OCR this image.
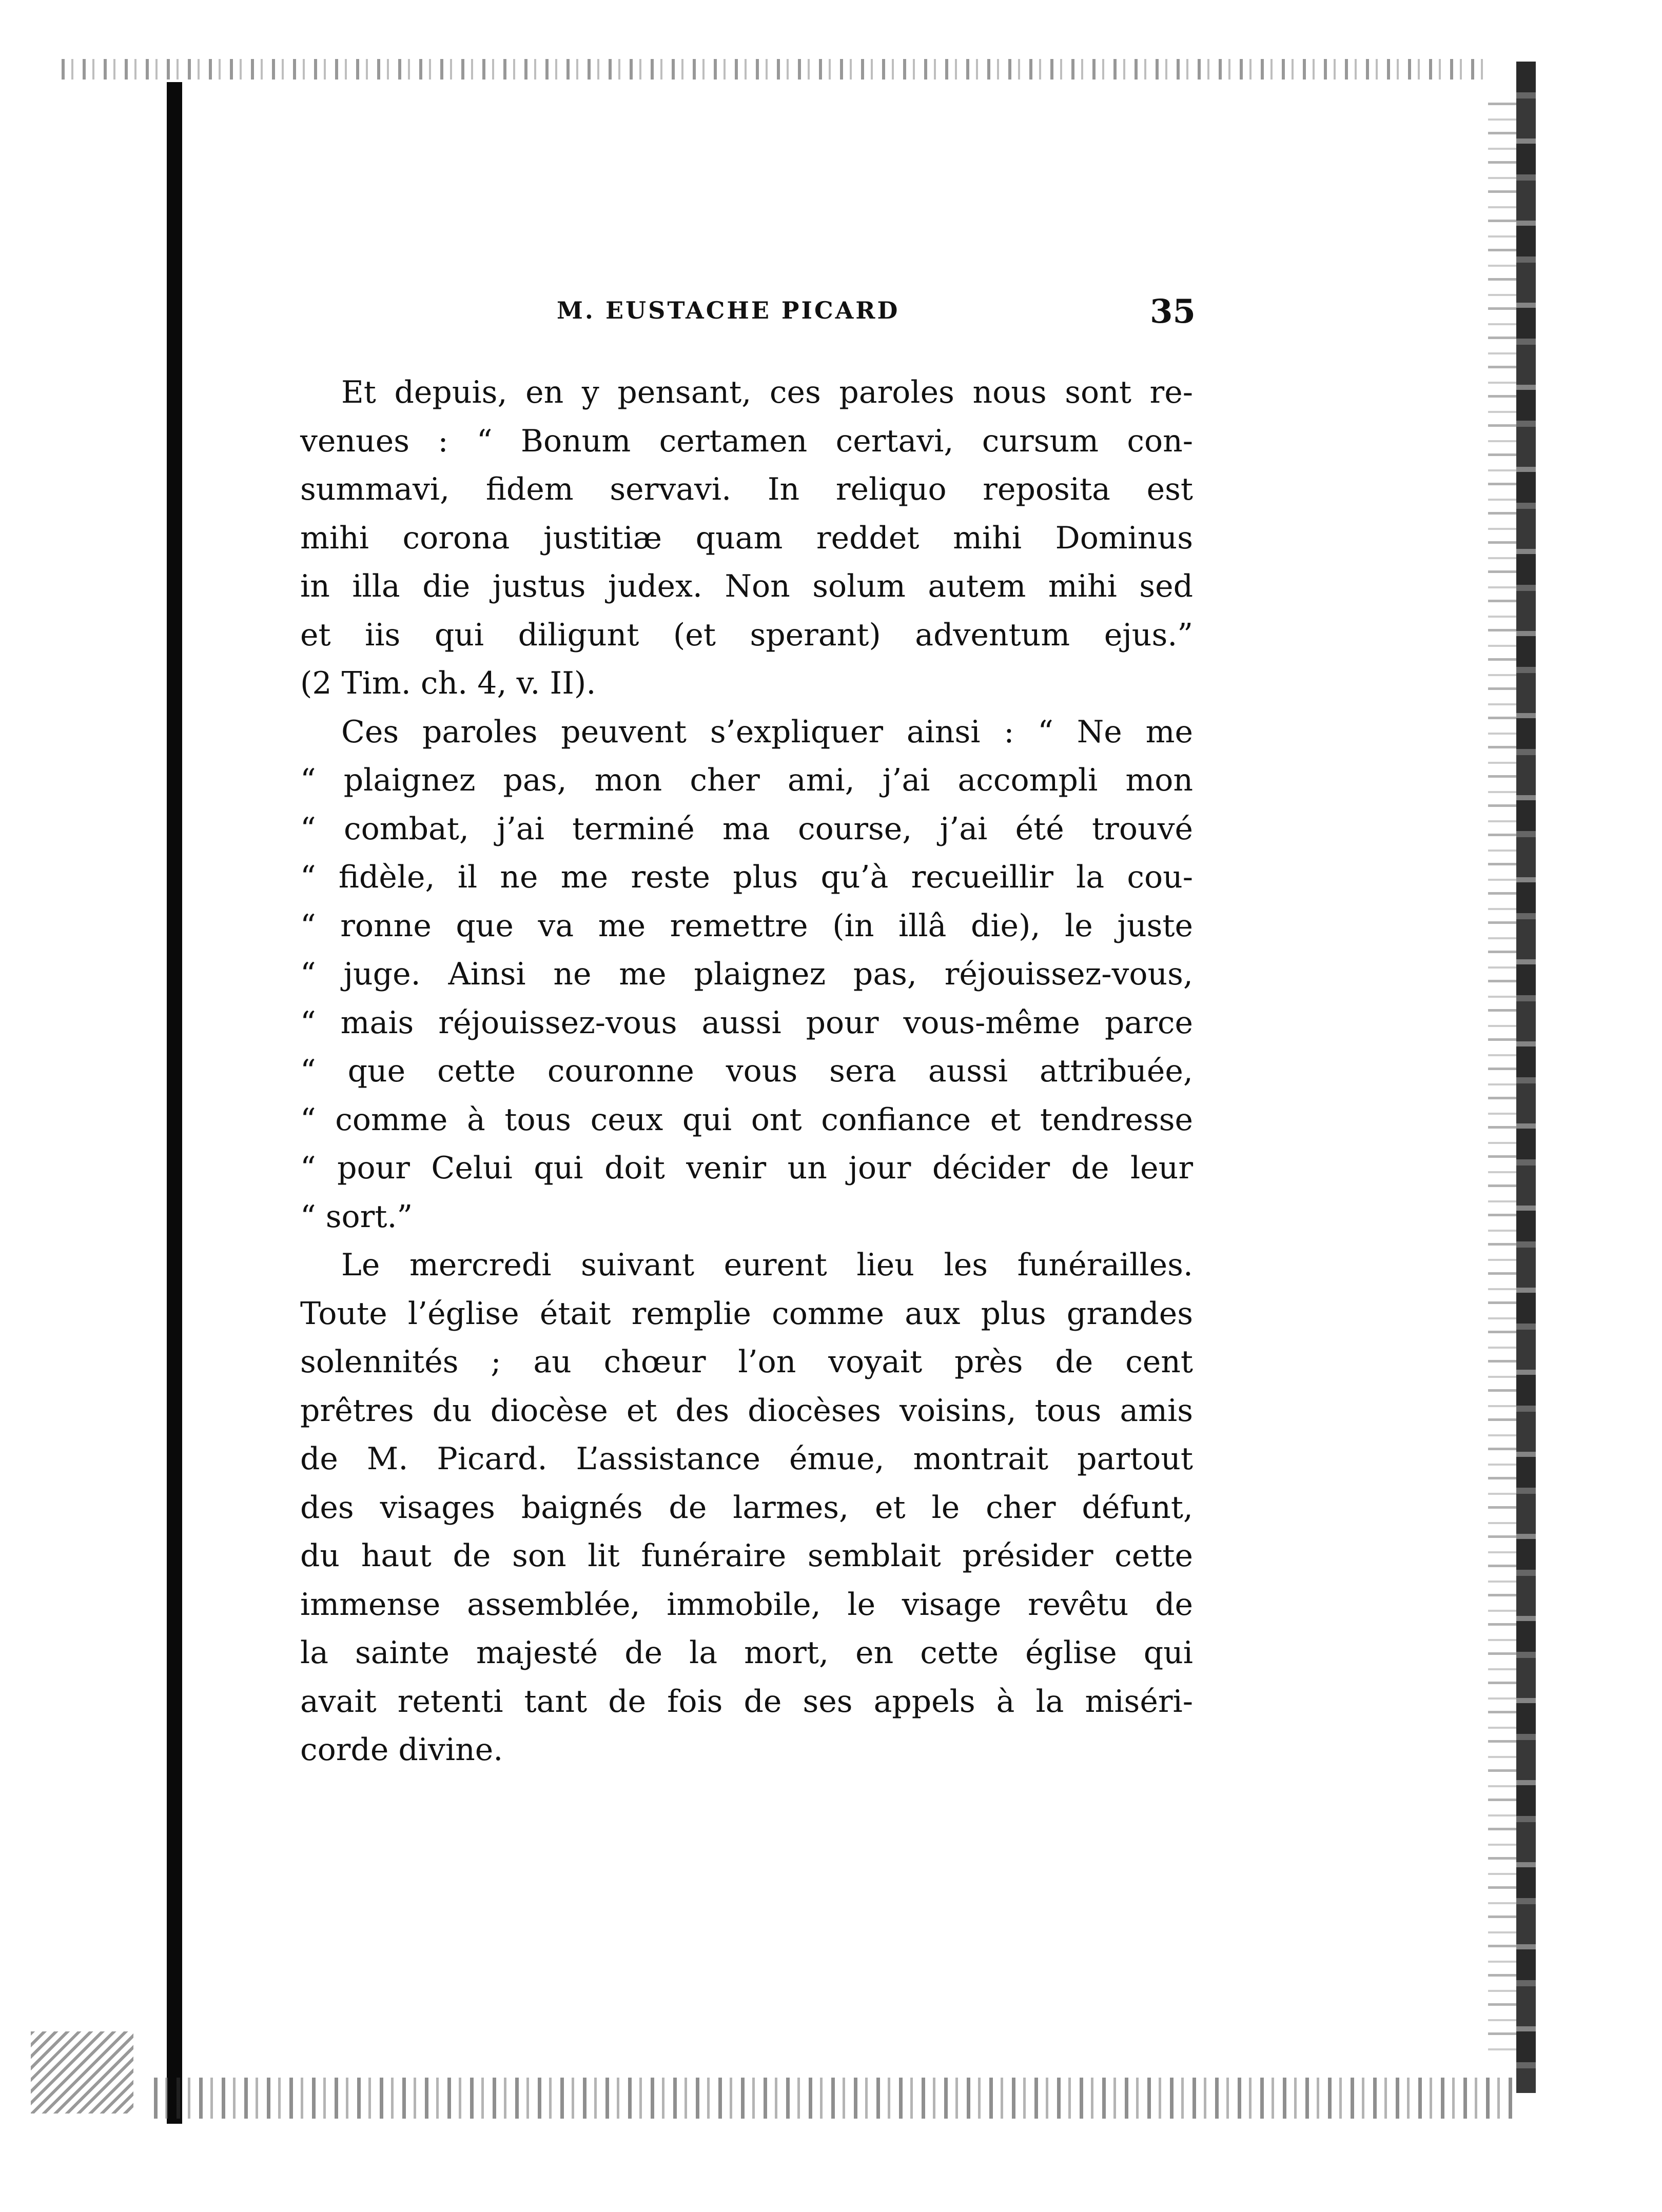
M. EUSTACHE PICARD	35
Et depuis, en y pensant, ces paroles nous sont re-
venues : “ Bonum certamen certavi, cursum con-
summavi, fidem servavi. In reliquo reposita est
mihi corona justitiæ quam reddet mihi Dominus
in illa die justus judex. Non solum autem mihi sed
et iis qui diligunt (et sperant) adventum ejus.”
(2 Tim. ch. 4, v. II).
Ces paroles peuvent s’expliquer ainsi : “ Ne me
“ plaignez pas, mon cher ami, j’ai accompli mon
“ combat, j’ai terminé ma course, j’ai été trouvé
“ fidèle, il ne me reste plus qu’à recueillir la cou-
“ ronne que va me remettre (in illâ die), le juste
“ juge. Ainsi ne me plaignez pas, réjouissez-vous,
“ mais réjouissez-vous aussi pour vous-même parce
“ que cette couronne vous sera aussi attribuée,
“ comme à tous ceux qui ont confiance et tendresse
“ pour Celui qui doit venir un jour décider de leur
“ sort.”
Le mercredi suivant eurent lieu les funérailles.
Toute l’église était remplie comme aux plus grandes
solennités ; au chœur l’on voyait près de cent
prêtres du diocèse et des diocèses voisins, tous amis
de M. Picard. L’assistance émue, montrait partout
des visages baignés de larmes, et le cher défunt,
du haut de son lit funéraire semblait présider cette
immense assemblée, immobile, le visage revêtu de
la sainte majesté de la mort, en cette église qui
avait retenti tant de fois de ses appels à la miséri-
corde divine.
